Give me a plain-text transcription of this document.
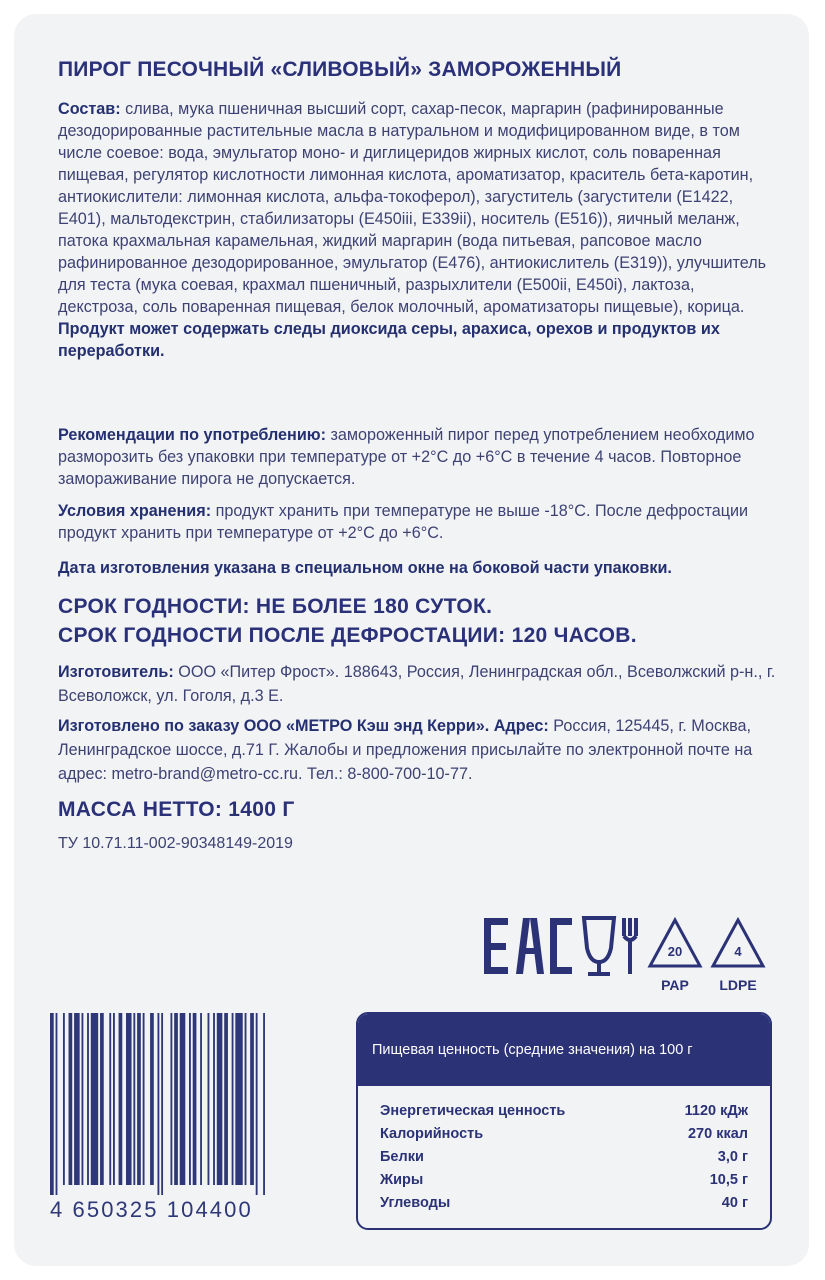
ПИРОГ ПЕСОЧНЫЙ «СЛИВОВЫЙ» ЗАМОРОЖЕННЫЙ
Состав: слива, мука пшеничная высший сорт, сахар-песок, маргарин (рафинированные дезодорированные растительные масла в натуральном и модифицированном виде, в том числе соевое: вода, эмульгатор моно- и диглицеридов жирных кислот, соль поваренная пищевая, регулятор кислотности лимонная кислота, ароматизатор, краситель бета-каротин, антиокислители: лимонная кислота, альфа-токоферол), загуститель (загустители (E1422, E401), мальтодекстрин, стабилизаторы (E450iii, E339ii), носитель (E516)), яичный меланж, патока крахмальная карамельная, жидкий маргарин (вода питьевая, рапсовое масло рафинированное дезодорированное, эмульгатор (E476), антиокислитель (E319)), улучшитель для теста (мука соевая, крахмал пшеничный, разрыхлители (E500ii, E450i), лактоза, декстроза, соль поваренная пищевая, белок молочный, ароматизаторы пищевые), корица.
Продукт может содержать следы диоксида серы, арахиса, орехов и продуктов их переработки.
Рекомендации по употреблению: замороженный пирог перед употреблением необходимо разморозить без упаковки при температуре от +2°С до +6°С в течение 4 часов. Повторное замораживание пирога не допускается.
Условия хранения: продукт хранить при температуре не выше -18°С. После дефростации продукт хранить при температуре от +2°С до +6°С.
Дата изготовления указана в специальном окне на боковой части упаковки.
СРОК ГОДНОСТИ: НЕ БОЛЕЕ 180 СУТОК.
СРОК ГОДНОСТИ ПОСЛЕ ДЕФРОСТАЦИИ: 120 ЧАСОВ.
Изготовитель: ООО «Питер Фрост». 188643, Россия, Ленинградская обл., Всеволжский р-н., г. Всеволожск, ул. Гоголя, д.3 Е.
Изготовлено по заказу ООО «МЕТРО Кэш энд Керри». Адрес: Россия, 125445, г. Москва, Ленинградское шоссе, д.71 Г. Жалобы и предложения присылайте по электронной почте на адрес: metro-brand@metro-cc.ru. Тел.: 8-800-700-10-77.
МАССА НЕТТО: 1400 Г
ТУ 10.71.11-002-90348149-2019
20
PAP
4
LDPE
4 650325 104400
Пищевая ценность (средние значения) на 100 г
Энергетическая ценность	1120 кДж
Калорийность	270 ккал
Белки	3,0 г
Жиры	10,5 г
Углеводы	40 г
